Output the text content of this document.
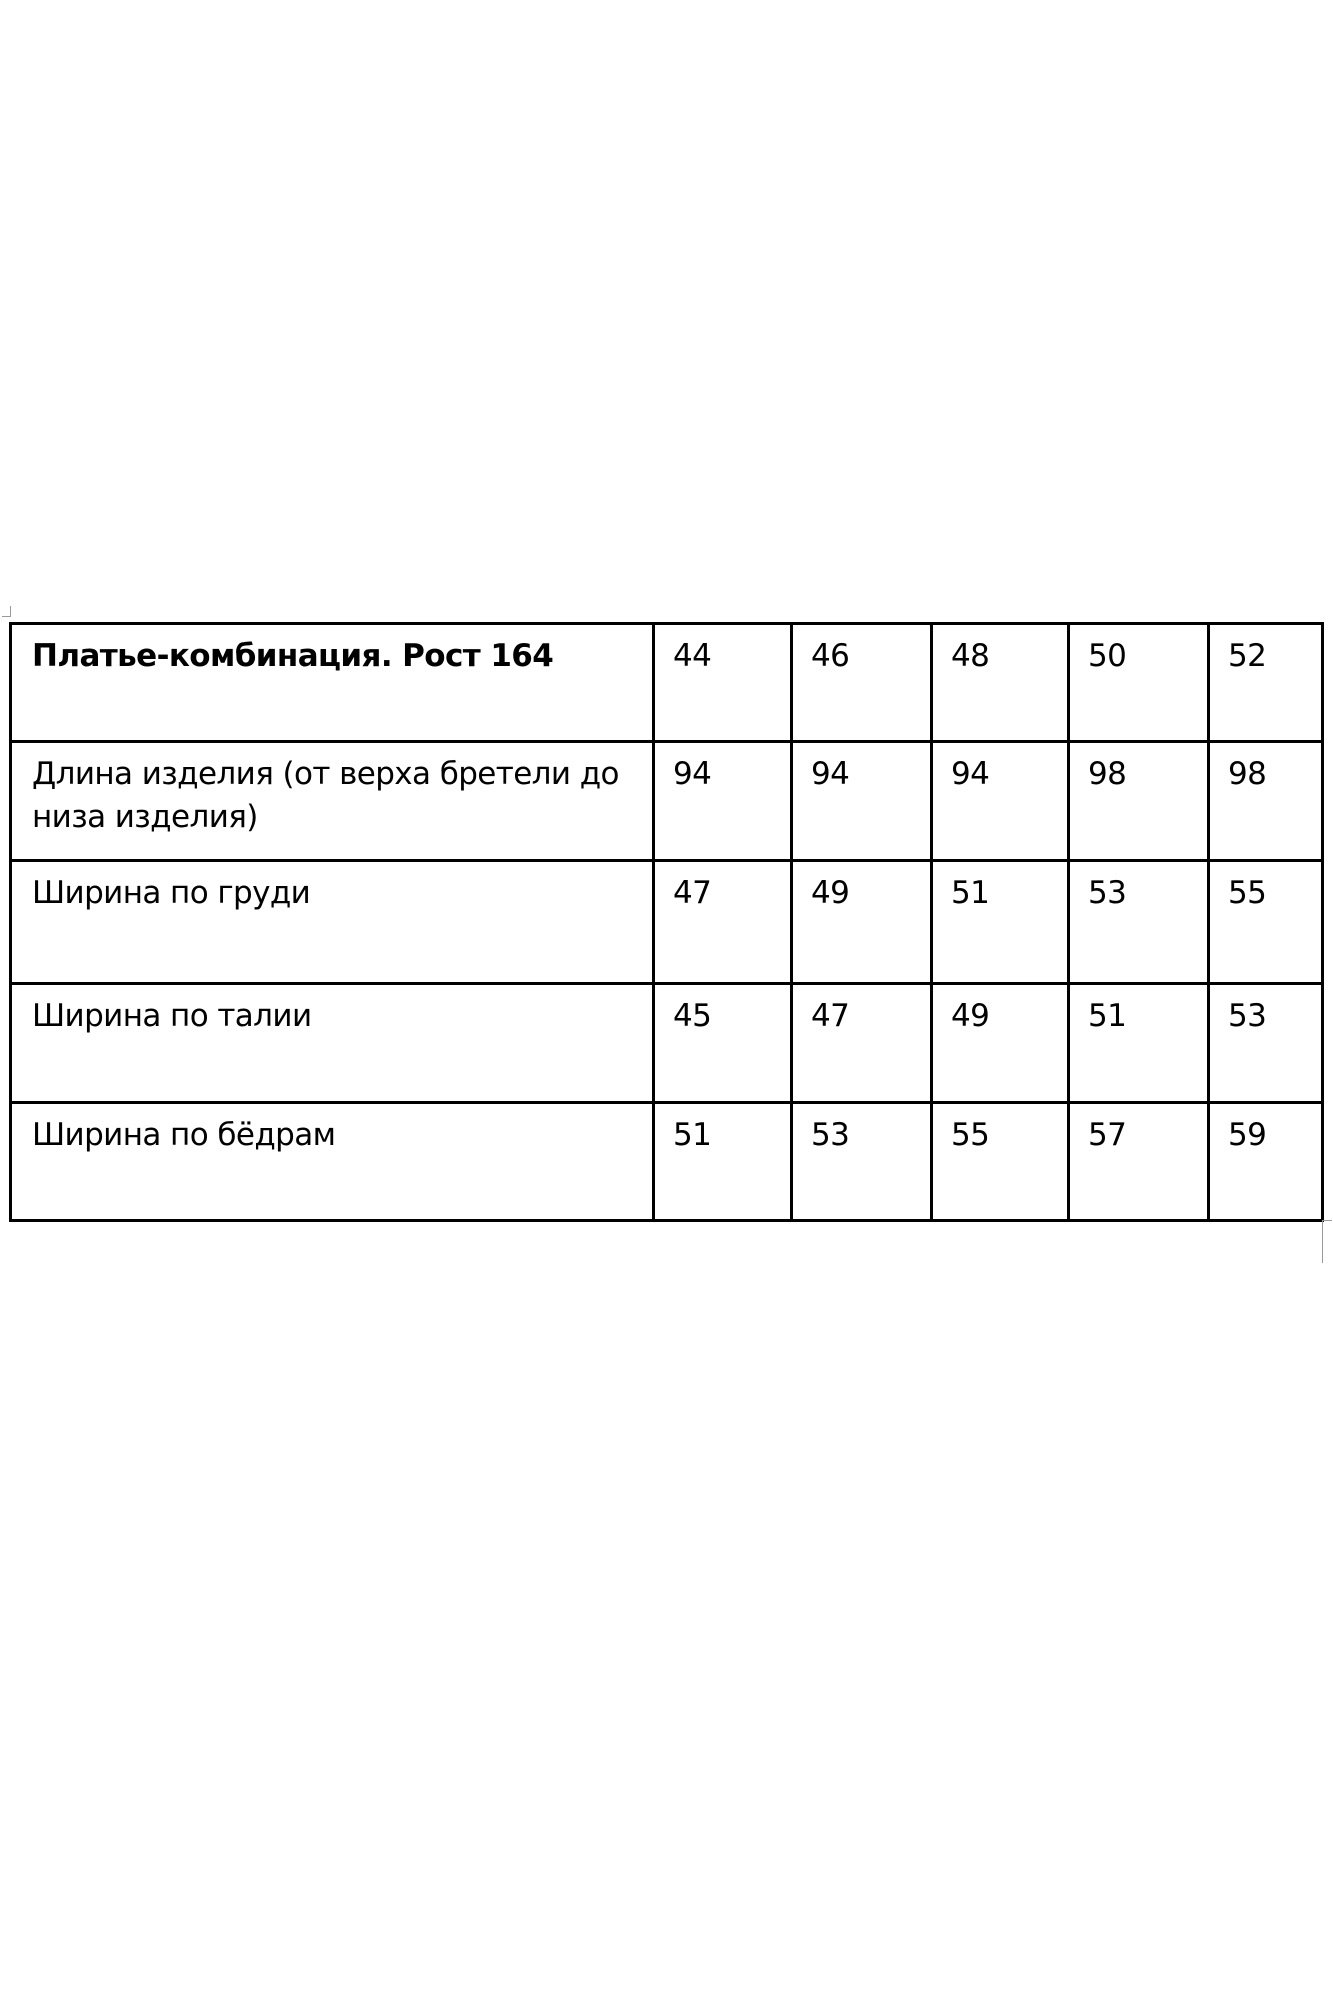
Платье-комбинация. Рост 164	44	46	48	50	52
Длина изделия (от верха бретели до низа изделия)	94	94	94	98	98
Ширина по груди	47	49	51	53	55
Ширина по талии	45	47	49	51	53
Ширина по бёдрам	51	53	55	57	59
